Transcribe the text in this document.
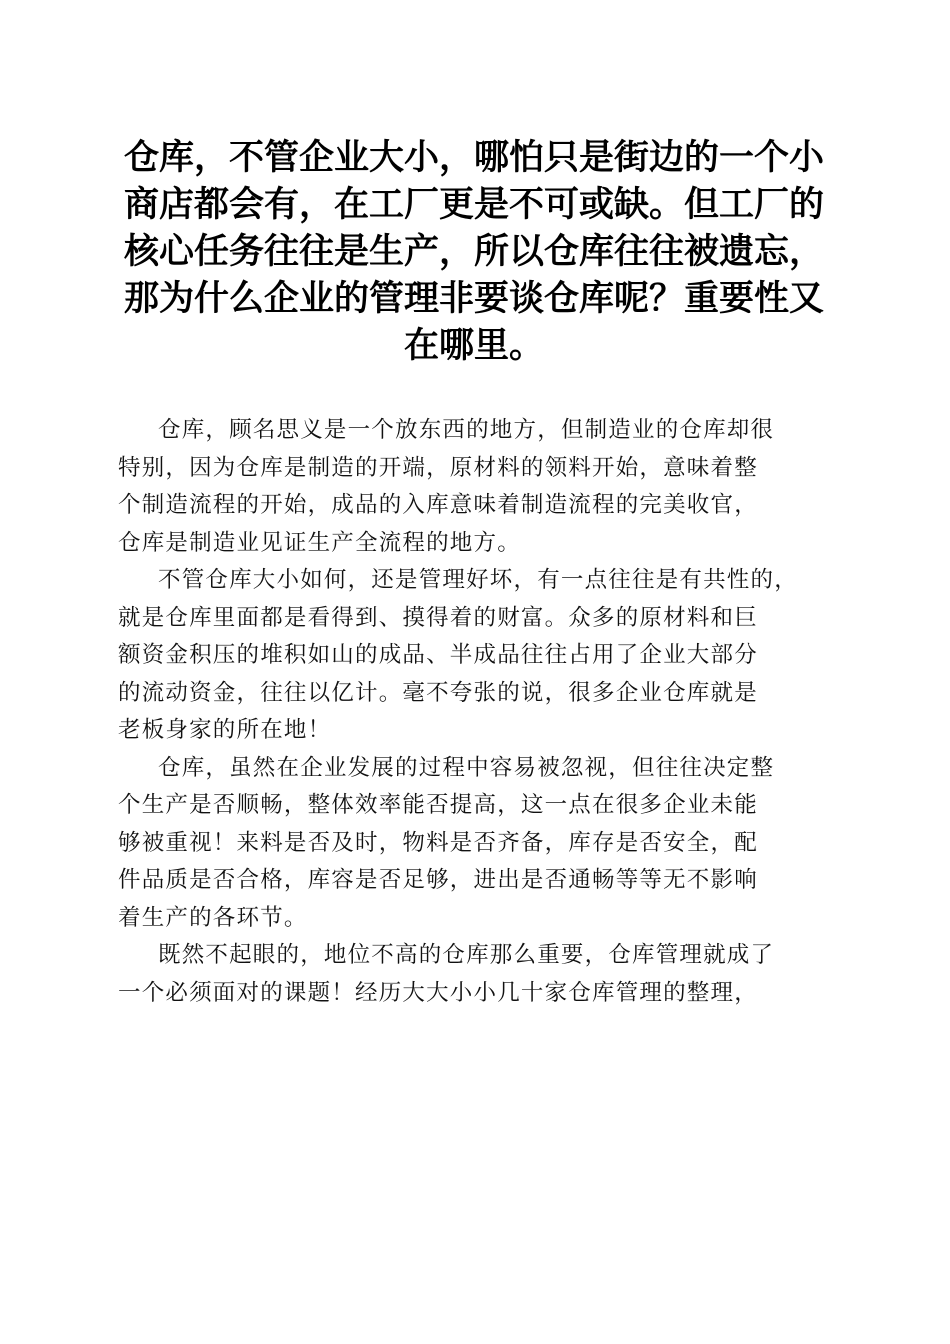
仓库，不管企业大小，哪怕只是街边的一个小
商店都会有，在工厂更是不可或缺。但工厂的
核心任务往往是生产，所以仓库往往被遗忘，
那为什么企业的管理非要谈仓库呢？重要性又
在哪里。

仓库，顾名思义是一个放东西的地方，但制造业的仓库却很
特别，因为仓库是制造的开端，原材料的领料开始，意味着整
个制造流程的开始，成品的入库意味着制造流程的完美收官，
仓库是制造业见证生产全流程的地方。

不管仓库大小如何，还是管理好坏，有一点往往是有共性的，
就是仓库里面都是看得到、摸得着的财富。众多的原材料和巨
额资金积压的堆积如山的成品、半成品往往占用了企业大部分
的流动资金，往往以亿计。毫不夸张的说，很多企业仓库就是
老板身家的所在地！

仓库，虽然在企业发展的过程中容易被忽视，但往往决定整
个生产是否顺畅，整体效率能否提高，这一点在很多企业未能
够被重视！来料是否及时，物料是否齐备，库存是否安全，配
件品质是否合格，库容是否足够，进出是否通畅等等无不影响
着生产的各环节。

既然不起眼的，地位不高的仓库那么重要，仓库管理就成了
一个必须面对的课题！经历大大小小几十家仓库管理的整理，
